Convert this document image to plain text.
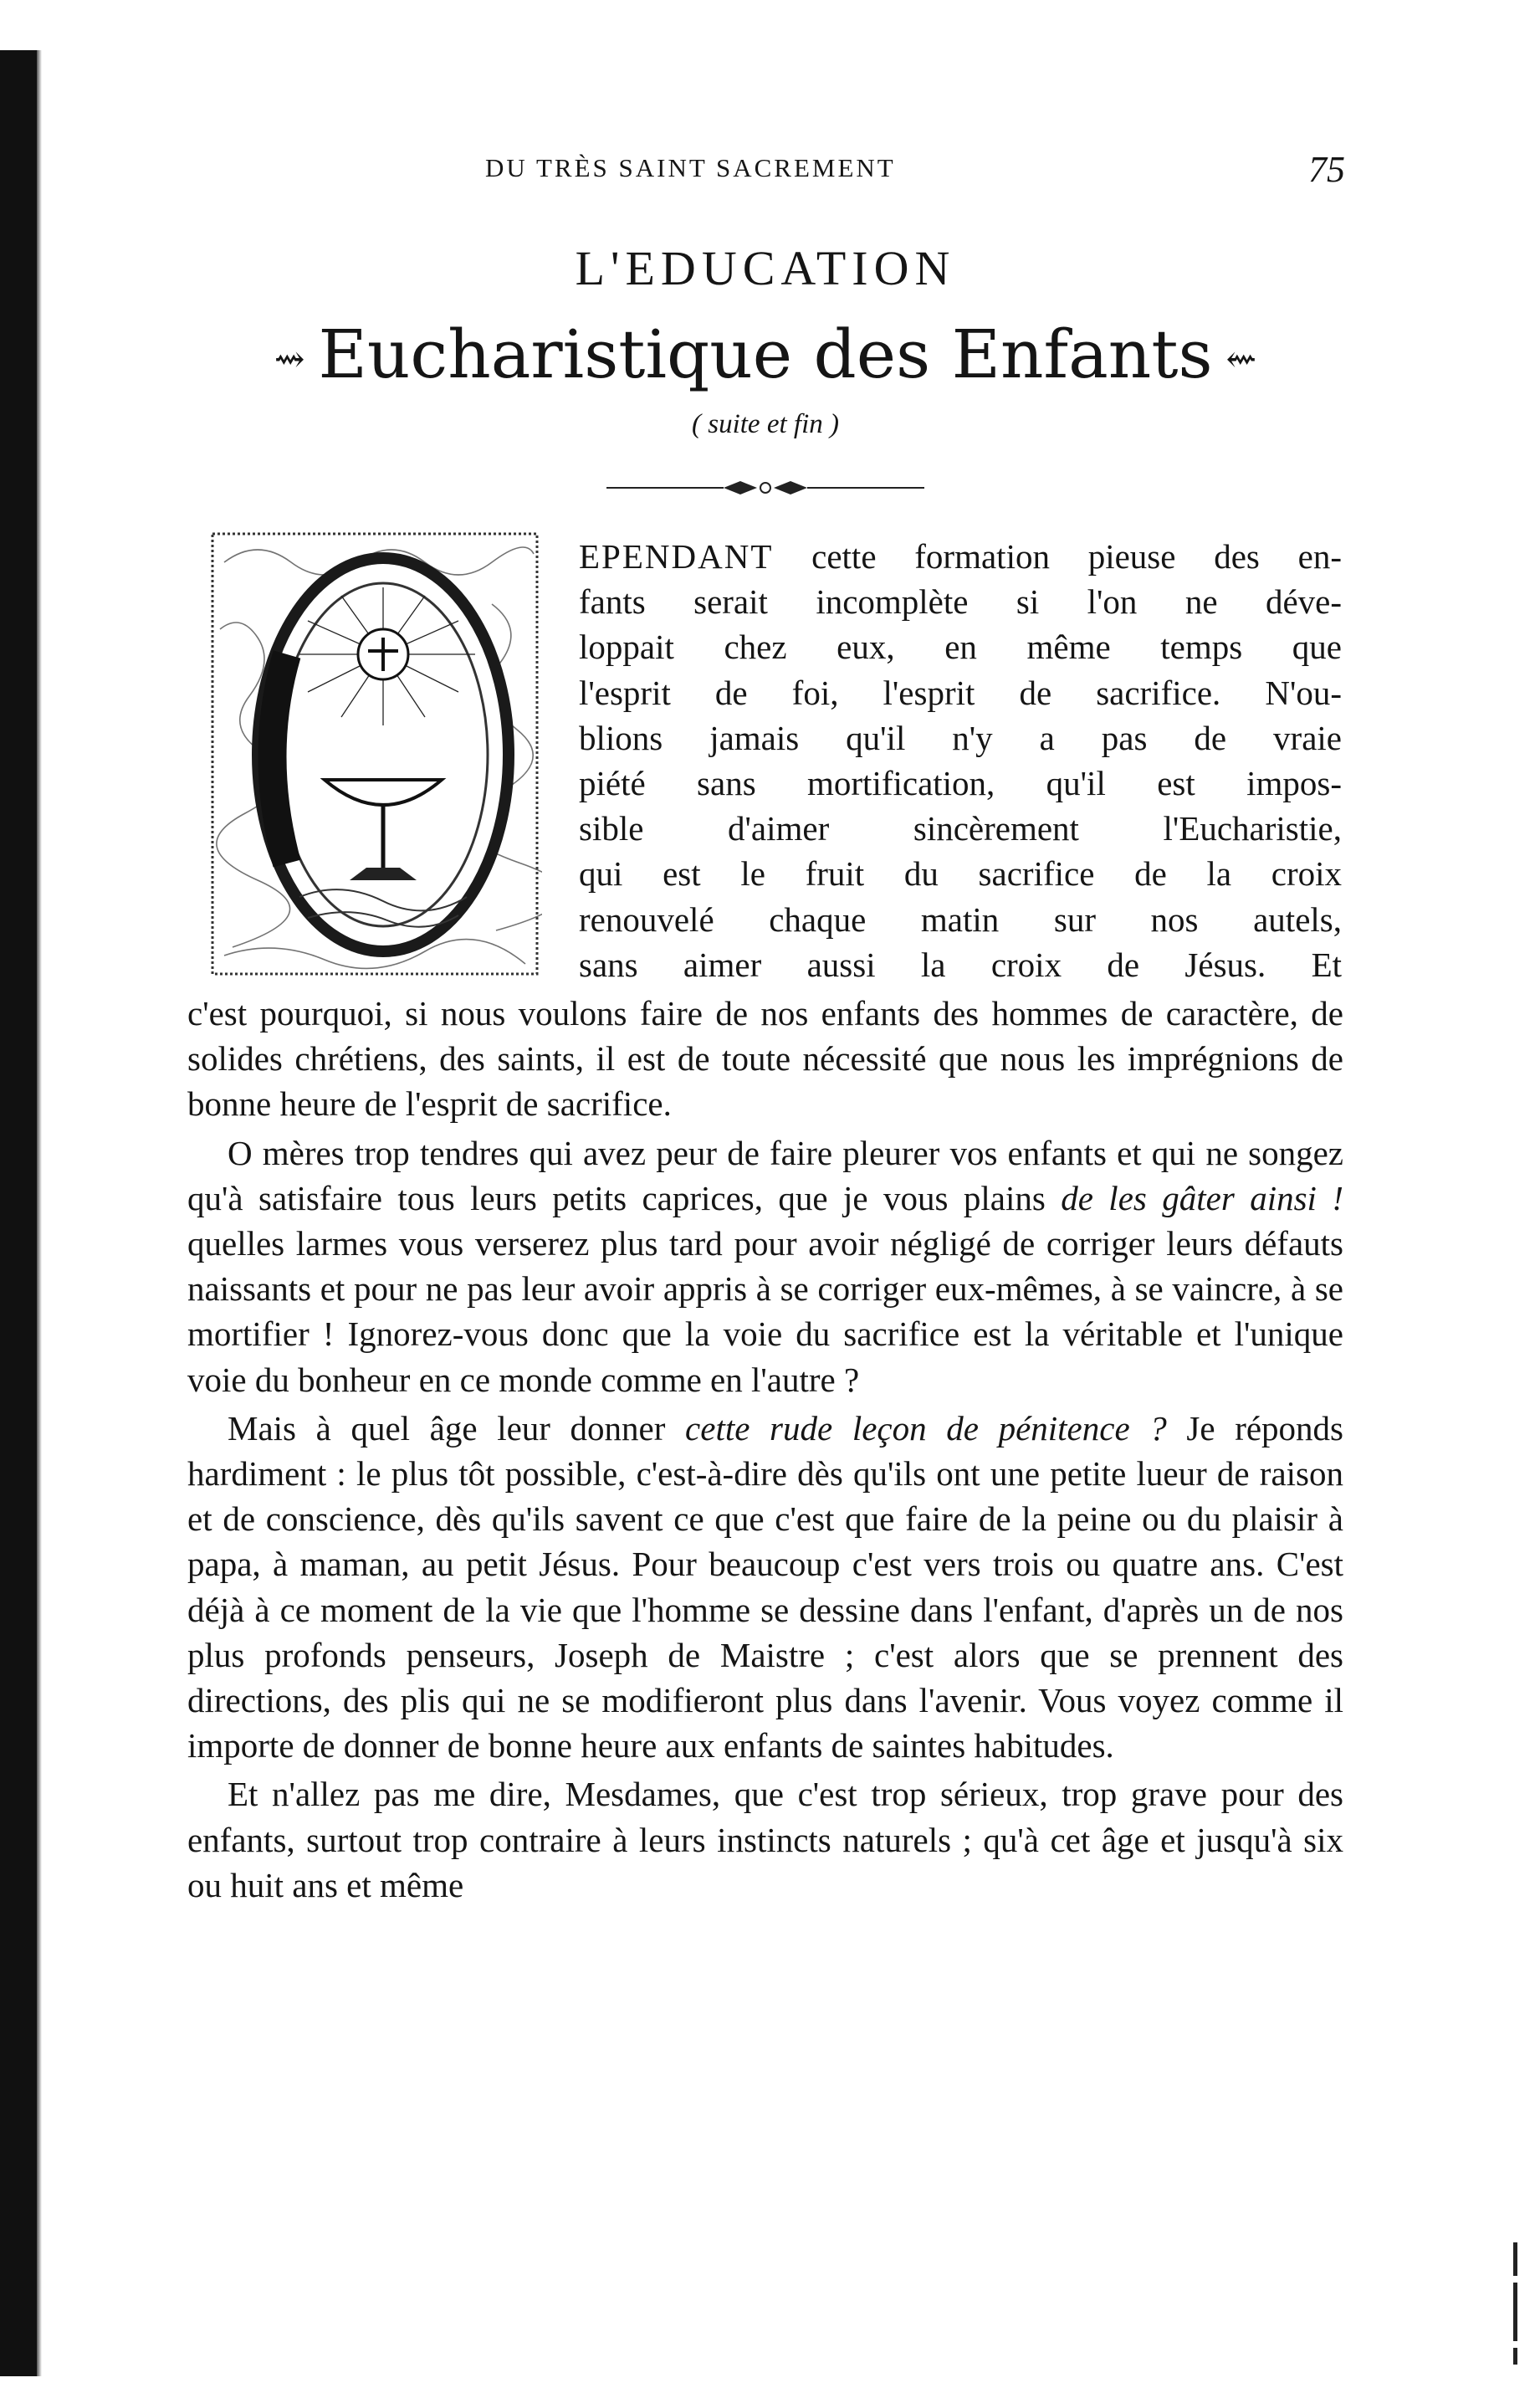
DU TRÈS SAINT SACREMENT	75
L'EDUCATION
⇝ Eucharistique des Enfants ⇜
( suite et fin )
EPENDANT cette formation pieuse des en-
fants serait incomplète si l'on ne déve-
loppait chez eux, en même temps que
l'esprit de foi, l'esprit de sacrifice. N'ou-
blions jamais qu'il n'y a pas de vraie
piété sans mortification, qu'il est impos-
sible d'aimer sincèrement l'Eucharistie,
qui est le fruit du sacrifice de la croix
renouvelé chaque matin sur nos autels,
sans aimer aussi la croix de Jésus. Et

c'est pourquoi, si nous voulons faire de nos enfants des hommes de caractère, de solides chrétiens, des saints, il est de toute nécessité que nous les imprégnions de bonne heure de l'esprit de sacrifice.

O mères trop tendres qui avez peur de faire pleurer vos enfants et qui ne songez qu'à satisfaire tous leurs petits caprices, que je vous plains de les gâter ainsi ! quelles larmes vous verserez plus tard pour avoir négligé de corriger leurs défauts naissants et pour ne pas leur avoir appris à se corriger eux-mêmes, à se vaincre, à se mortifier ! Ignorez-vous donc que la voie du sacrifice est la véritable et l'unique voie du bonheur en ce monde comme en l'autre ?

Mais à quel âge leur donner cette rude leçon de pénitence ? Je réponds hardiment : le plus tôt possible, c'est-à-dire dès qu'ils ont une petite lueur de raison et de conscience, dès qu'ils savent ce que c'est que faire de la peine ou du plaisir à papa, à maman, au petit Jésus. Pour beaucoup c'est vers trois ou quatre ans. C'est déjà à ce moment de la vie que l'homme se dessine dans l'enfant, d'après un de nos plus profonds penseurs, Joseph de Maistre ; c'est alors que se prennent des directions, des plis qui ne se modifieront plus dans l'avenir. Vous voyez comme il importe de donner de bonne heure aux enfants de saintes habitudes.

Et n'allez pas me dire, Mesdames, que c'est trop sérieux, trop grave pour des enfants, surtout trop contraire à leurs instincts naturels ; qu'à cet âge et jusqu'à six ou huit ans et même
